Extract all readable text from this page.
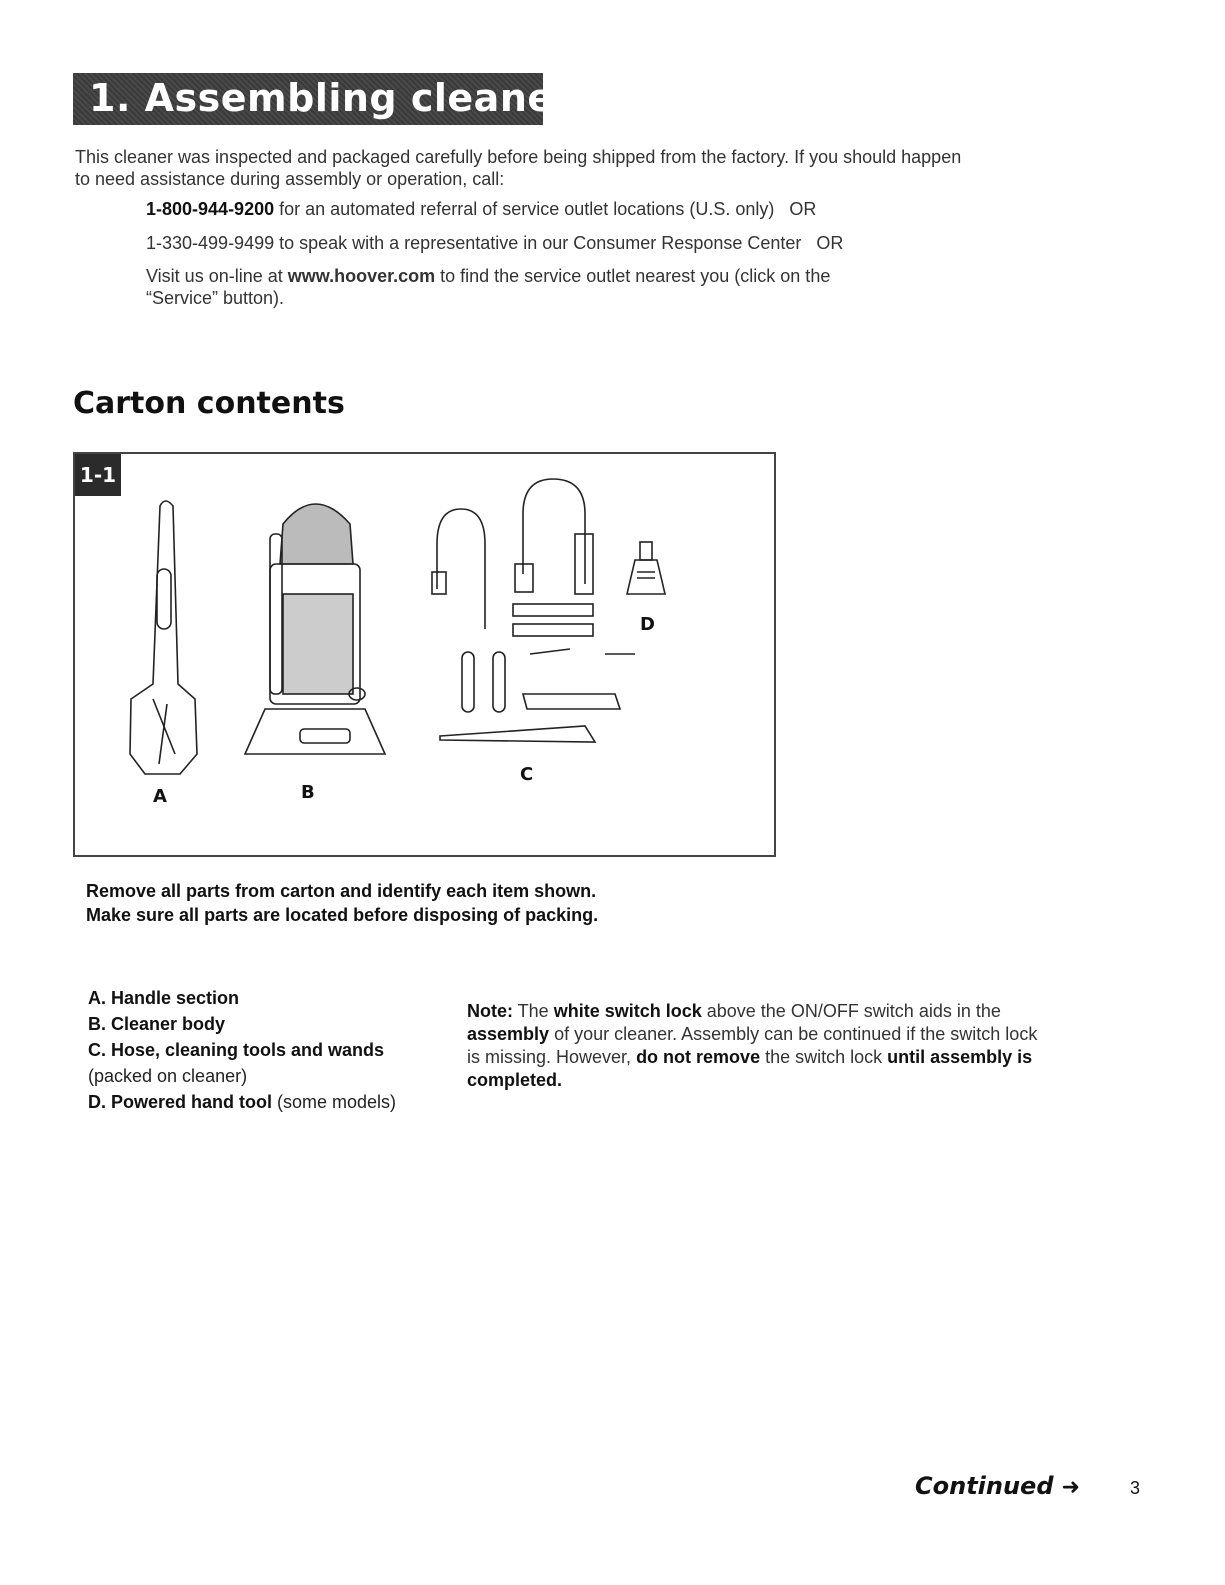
1. Assembling cleaner
This cleaner was inspected and packaged carefully before being shipped from the factory. If you should happen to need assistance during assembly or operation, call:
1-800-944-9200 for an automated referral of service outlet locations (U.S. only) OR
1-330-499-9499 to speak with a representative in our Consumer Response Center OR
Visit us on-line at www.hoover.com to find the service outlet nearest you (click on the “Service” button).
Carton contents
1-1
A	B
C
D
Remove all parts from carton and identify each item shown.
Make sure all parts are located before disposing of packing.
A. Handle section
B. Cleaner body
C. Hose, cleaning tools and wands
(packed on cleaner)
D. Powered hand tool (some models)
Note: The white switch lock above the ON/OFF switch aids in the assembly of your cleaner. Assembly can be continued if the switch lock is missing. However, do not remove the switch lock until assembly is completed.
Continued ➜	3
